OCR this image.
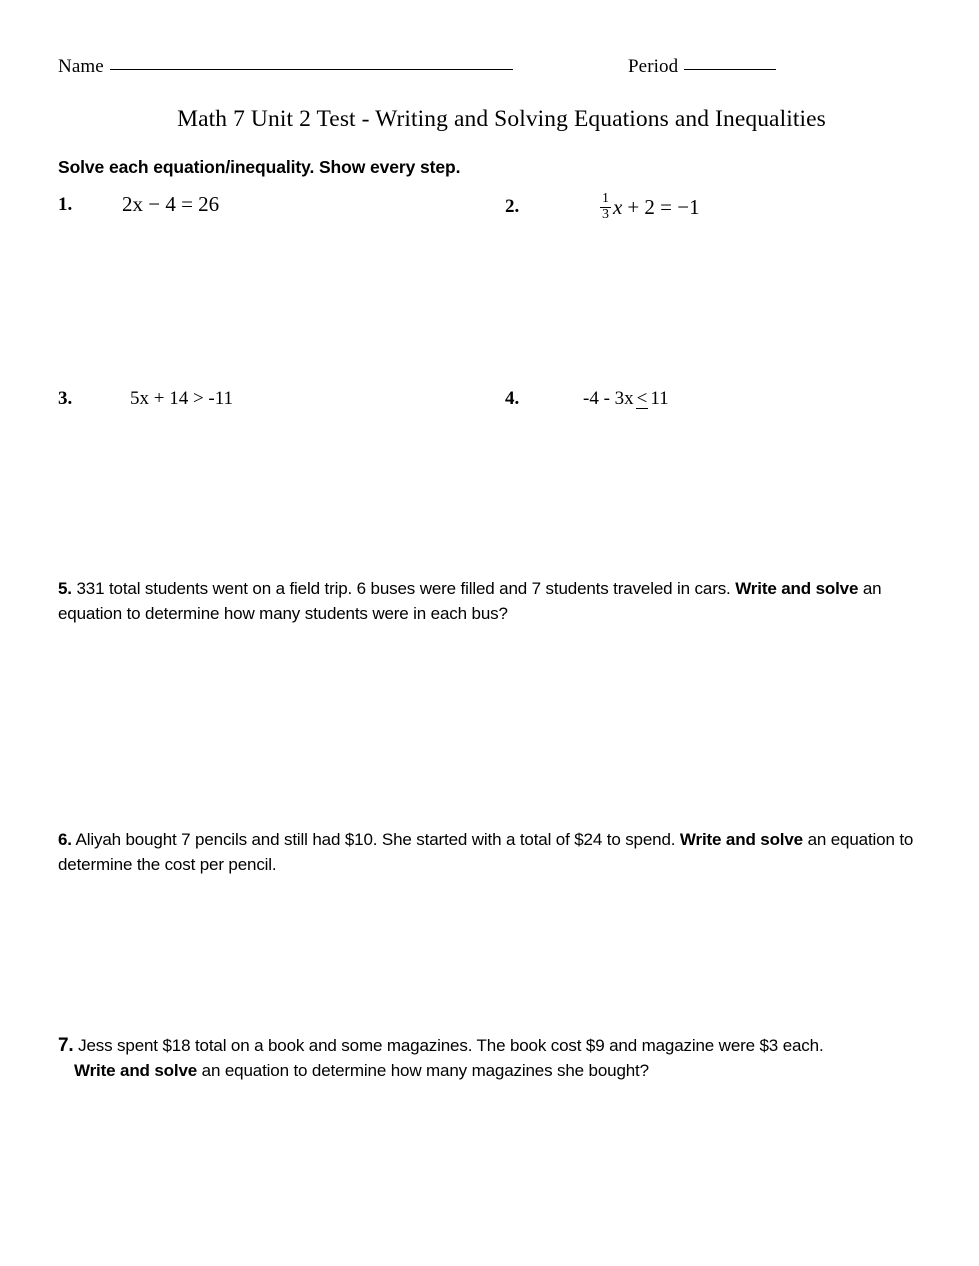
Name	Period
Math 7 Unit 2 Test - Writing and Solving Equations and Inequalities
Solve each equation/inequality. Show every step.
1.	2x − 4 = 26	2.	$\frac{1}{3}$ x + 2 = −1
3.	5x + 14 > -11	4.	-4 - 3x < 11
5. 331 total students went on a field trip. 6 buses were filled and 7 students traveled in cars. Write and solve an equation to determine how many students were in each bus?
6. Aliyah bought 7 pencils and still had $10. She started with a total of $24 to spend. Write and solve an equation to determine the cost per pencil.
7. Jess spent $18 total on a book and some magazines. The book cost $9 and magazine were $3 each.
Write and solve an equation to determine how many magazines she bought?
